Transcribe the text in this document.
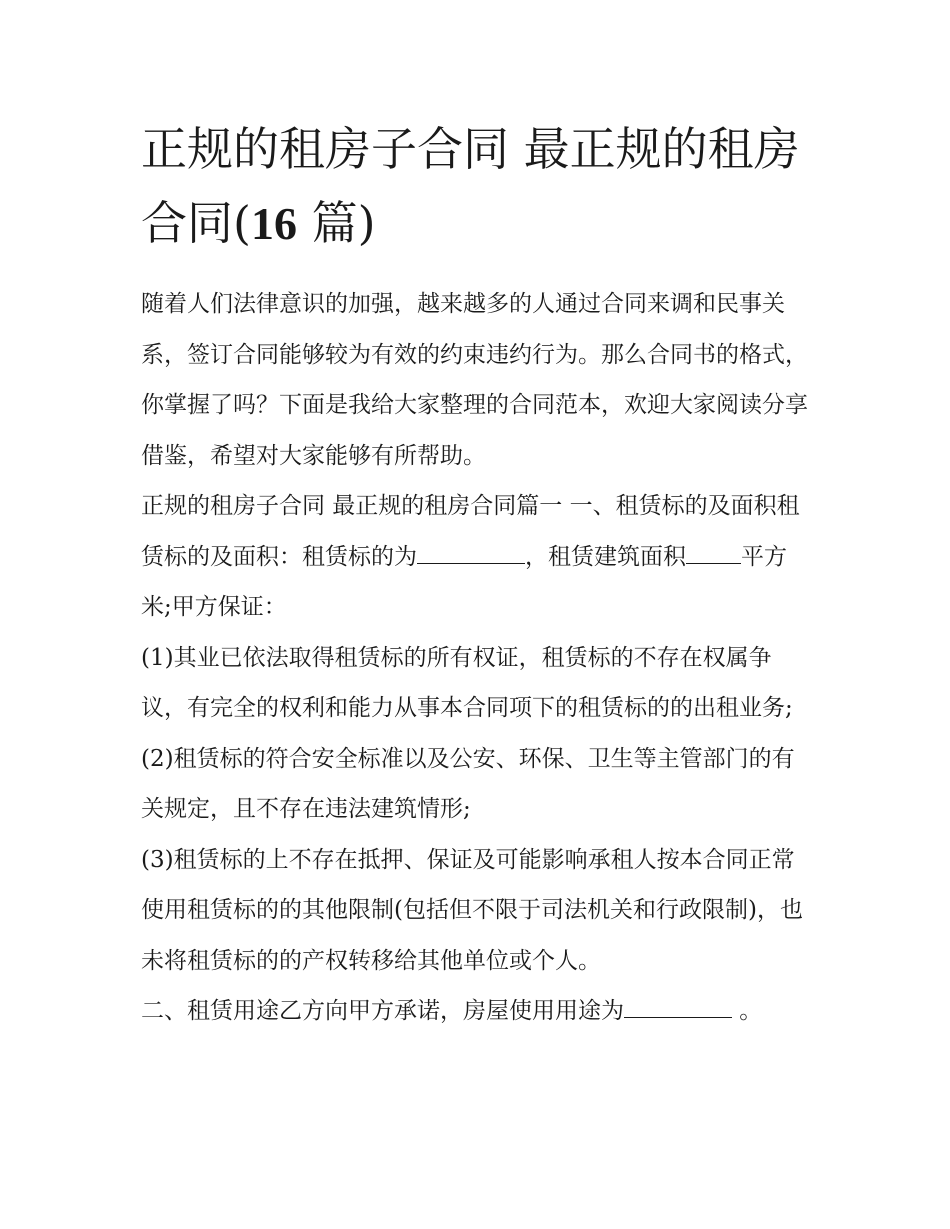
正规的租房子合同 最正规的租房合同(16 篇)

随着人们法律意识的加强，越来越多的人通过合同来调和民事关系，签订合同能够较为有效的约束违约行为。那么合同书的格式，你掌握了吗？下面是我给大家整理的合同范本，欢迎大家阅读分享借鉴，希望对大家能够有所帮助。

正规的租房子合同 最正规的租房合同篇一 一、租赁标的及面积租赁标的及面积：租赁标的为	，租赁建筑面积 平方米;甲方保证：

(1)其业已依法取得租赁标的所有权证，租赁标的不存在权属争议，有完全的权利和能力从事本合同项下的租赁标的的出租业务;

(2)租赁标的符合安全标准以及公安、环保、卫生等主管部门的有关规定，且不存在违法建筑情形;

(3)租赁标的上不存在抵押、保证及可能影响承租人按本合同正常使用租赁标的的其他限制(包括但不限于司法机关和行政限制)，也未将租赁标的的产权转移给其他单位或个人。

二、租赁用途乙方向甲方承诺，房屋使用用途为	。
